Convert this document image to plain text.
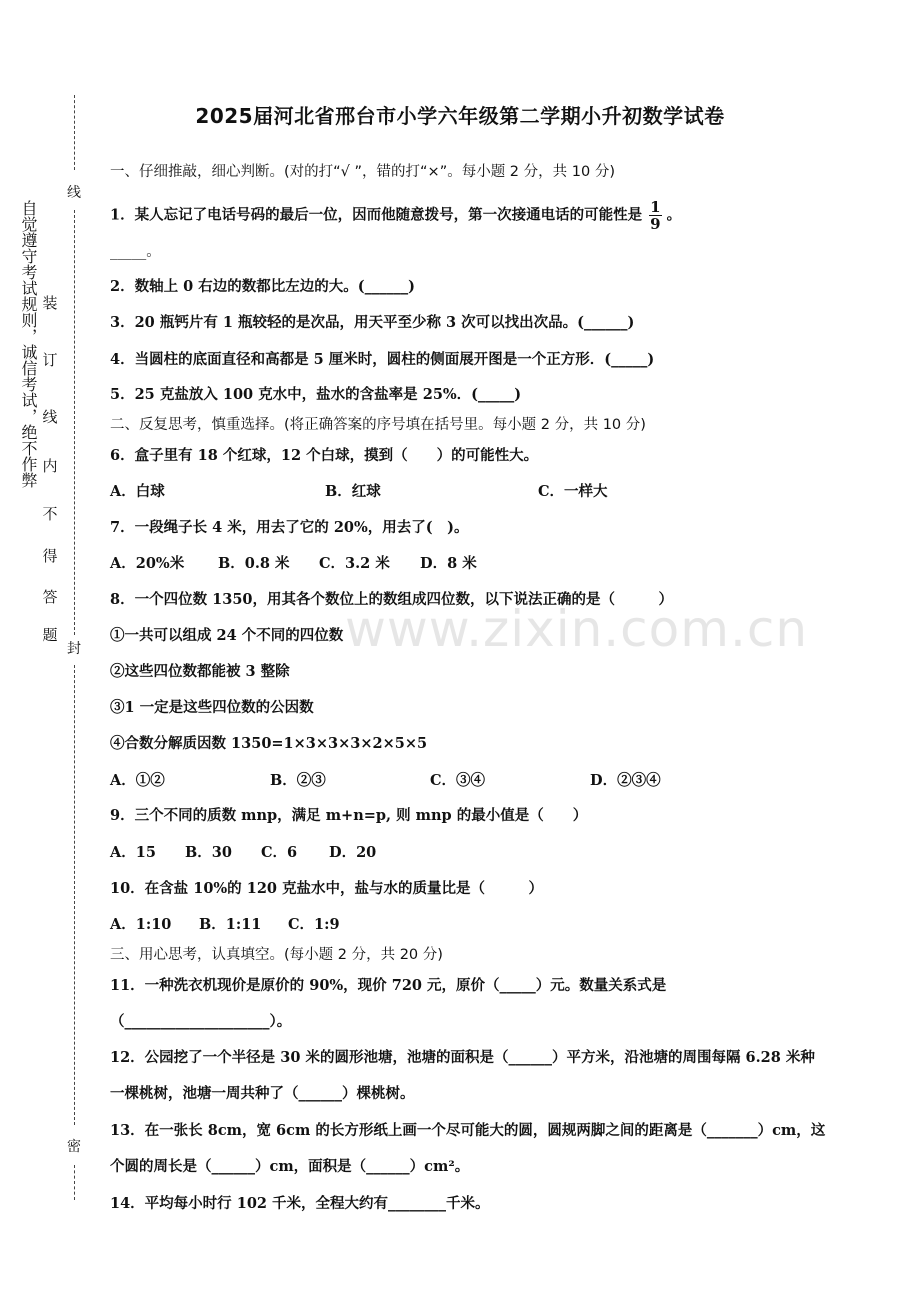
线
封
密
自觉遵守考试规则，诚信考试，绝不作弊 装
订
线
内
不
得
答
题	www.zixin.com.cn
2025届河北省邢台市小学六年级第二学期小升初数学试卷
一、仔细推敲，细心判断。(对的打“√ ”，错的打“×”。每小题 2 分，共 10 分)
1．某人忘记了电话号码的最后一位，因而他随意拨号，第一次接通电话的可能性是 $\frac{1}{9}$ 。
_____。
2．数轴上 0 右边的数都比左边的大。(______)
3．20 瓶钙片有 1 瓶较轻的是次品，用天平至少称 3 次可以找出次品。(______)
4．当圆柱的底面直径和高都是 5 厘米时，圆柱的侧面展开图是一个正方形．(_____)
5．25 克盐放入 100 克水中，盐水的含盐率是 25%．(_____)
二、反复思考，慎重选择。(将正确答案的序号填在括号里。每小题 2 分，共 10 分)
6．盒子里有 18 个红球，12 个白球，摸到（　　）的可能性大。
A．白球	B．红球	C．一样大
7．一段绳子长 4 米，用去了它的 20%，用去了(　)。
A．20%米 B．0.8 米 C．3.2 米 D．8 米
8．一个四位数 1350，用其各个数位上的数组成四位数，以下说法正确的是（　　　）
①一共可以组成 24 个不同的四位数
②这些四位数都能被 3 整除
③1 一定是这些四位数的公因数
④合数分解质因数 1350=1×3×3×3×2×5×5
A．①②	B．②③	C．③④	D．②③④
9．三个不同的质数 mnp，满足 m+n=p, 则 mnp 的最小值是（　　）
A．15 B．30 C．6 D．20
10．在含盐 10%的 120 克盐水中，盐与水的质量比是（　　　）
A．1:10 B．1:11 C．1:9
三、用心思考，认真填空。(每小题 2 分，共 20 分)
11．一种洗衣机现价是原价的 90%，现价 720 元，原价（_____）元。数量关系式是
（____________________）。
12．公园挖了一个半径是 30 米的圆形池塘，池塘的面积是（______）平方米，沿池塘的周围每隔 6.28 米种
一棵桃树，池塘一周共种了（______）棵桃树。
13．在一张长 8cm，宽 6cm 的长方形纸上画一个尽可能大的圆，圆规两脚之间的距离是（_______）cm，这
个圆的周长是（______）cm，面积是（______）cm²。
14．平均每小时行 102 千米，全程大约有________千米。
